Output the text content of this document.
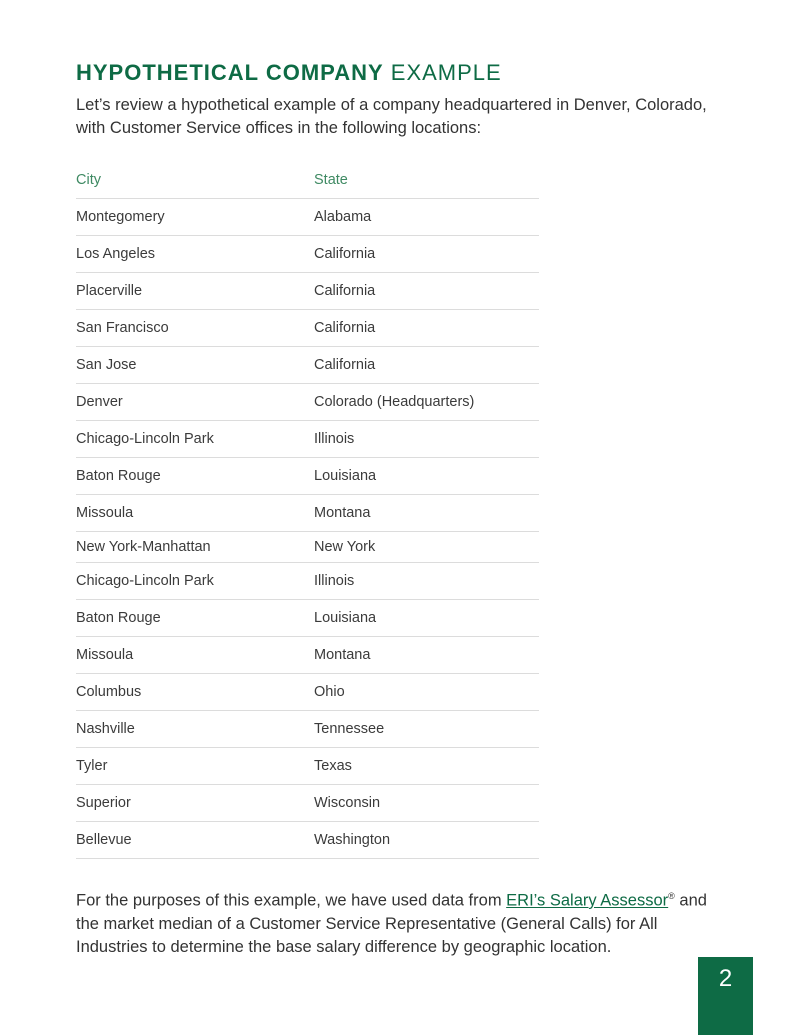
HYPOTHETICAL COMPANY EXAMPLE

Let’s review a hypothetical example of a company headquartered in Denver, Colorado, with Customer Service offices in the following locations:

City	State
Montegomery	Alabama
Los Angeles	California
Placerville	California
San Francisco	California
San Jose	California
Denver	Colorado (Headquarters)
Chicago-Lincoln Park	Illinois
Baton Rouge	Louisiana
Missoula	Montana
New York-Manhattan	New York
Chicago-Lincoln Park	Illinois
Baton Rouge	Louisiana
Missoula	Montana
Columbus	Ohio
Nashville	Tennessee
Tyler	Texas
Superior	Wisconsin
Bellevue	Washington

For the purposes of this example, we have used data from ERI’s Salary Assessor® and the market median of a Customer Service Representative (General Calls) for All Industries to determine the base salary difference by geographic location.

2
